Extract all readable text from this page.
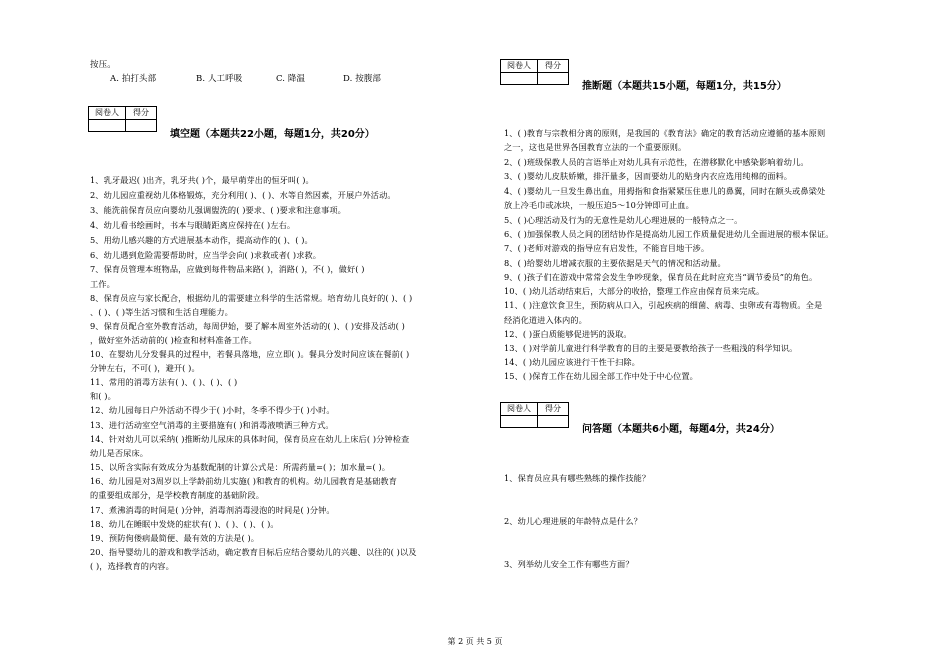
按压。
A. 拍打头部	B. 人工呼吸	C. 降温	D. 按腹部
阅卷人	得分
填空题（本题共22小题，每题1分，共20分）
1、乳牙最迟( )出齐，乳牙共( )个，最早萌芽出的恒牙叫( )。
2、幼儿园应重视幼儿体格锻炼，充分利用( )、( )、水等自然因素，开展户外活动。
3、能洗前保育员应向婴幼儿强调盥洗的( )要求、( )要求和注意事项。
4、幼儿看书绘画时，书本与眼睛距离应保持在( )左右。
5、用幼儿感兴趣的方式进展基本动作，提高动作的( )、( )。
6、幼儿遇到危险需要帮助时，应当学会向( )求救或者( )求救。
7、保育员管理本班物品，应做到每件物品来路( )，消路( )，不( )，做好( )
工作。
8、保育员应与家长配合，根据幼儿的需要建立科学的生活常规。培育幼儿良好的( )、( )
、( )、( )等生活习惯和生活自理能力。
9、保育员配合室外教育活动，每周伊始，要了解本周室外活动的( )、( )安排及活动( )
，做好室外活动前的( )检查和材料准备工作。
10、在婴幼儿分发餐具的过程中，若餐具落地，应立即( )。餐具分发时间应该在餐前( )
分钟左右，不可( )，避开( )。
11、常用的消毒方法有( )、( )、( )、( )
和( )。
12、幼儿园每日户外活动不得少于( )小时，冬季不得少于( )小时。
13、进行活动室空气消毒的主要措施有( )和消毒液喷洒三种方式。
14、针对幼儿可以采纳( )推断幼儿尿床的具体时间，保育员应在幼儿上床后( )分钟检查
幼儿是否尿床。
15、以所含实际有效成分为基数配制的计算公式是：所需药量=( )；加水量=( )。
16、幼儿园是对3周岁以上学龄前幼儿实施( )和教育的机构。幼儿园教育是基础教育
的重要组成部分，是学校教育制度的基础阶段。
17、煮沸消毒的时间是( )分钟，消毒剂消毒浸泡的时间是( )分钟。
18、幼儿在睡眠中发烧的症状有( )、( )、( )、( )。
19、预防佝偻病最简便、最有效的方法是( )。
20、指导婴幼儿的游戏和教学活动，确定教育目标后应结合婴幼儿的兴趣、以往的( )以及
( )，选择教育的内容。
阅卷人	得分
推断题（本题共15小题，每题1分，共15分）
1、( )教育与宗教相分离的原则，是我国的《教育法》确定的教育活动应遵循的基本原则
之一，这也是世界各国教育立法的一个重要原则。
2、( )班级保教人员的言语举止对幼儿具有示范性，在潜移默化中感染影响着幼儿。
3、( )婴幼儿皮肤娇嫩，排汗量多，因而要幼儿的贴身内衣应选用纯棉的面料。
4、( )婴幼儿一旦发生鼻出血，用拇指和食指紧紧压住患儿的鼻翼，同时在额头或鼻梁处
放上冷毛巾或冰块，一般压迫5～10分钟即可止血。
5、( )心理活动及行为的无意性是幼儿心理进展的一般特点之一。
6、( )加强保教人员之间的团结协作是提高幼儿园工作质量促进幼儿全面进展的根本保证。
7、( )老师对游戏的指导应有启发性，不能盲目地干涉。
8、( )给婴幼儿增减衣服的主要依据是天气的情况和活动量。
9、( )孩子们在游戏中常常会发生争吵现象，保育员在此时应充当“调节委员”的角色。
10、( )幼儿活动结束后，大部分的收拾，整理工作应由保育员来完成。
11、( )注意饮食卫生，预防病从口入，引起疾病的细菌、病毒、虫卵或有毒物质。全是
经消化道进入体内的。
12、( )蛋白质能够促进钙的汲取。
13、( )对学前儿童进行科学教育的目的主要是要教给孩子一些粗浅的科学知识。
14、( )幼儿园应该进行干性干扫除。
15、( )保育工作在幼儿园全部工作中处于中心位置。
阅卷人	得分
问答题（本题共6小题，每题4分，共24分）
1、保育员应具有哪些熟练的操作技能？
2、幼儿心理进展的年龄特点是什么？
3、列举幼儿安全工作有哪些方面？
第 2 页 共 5 页
